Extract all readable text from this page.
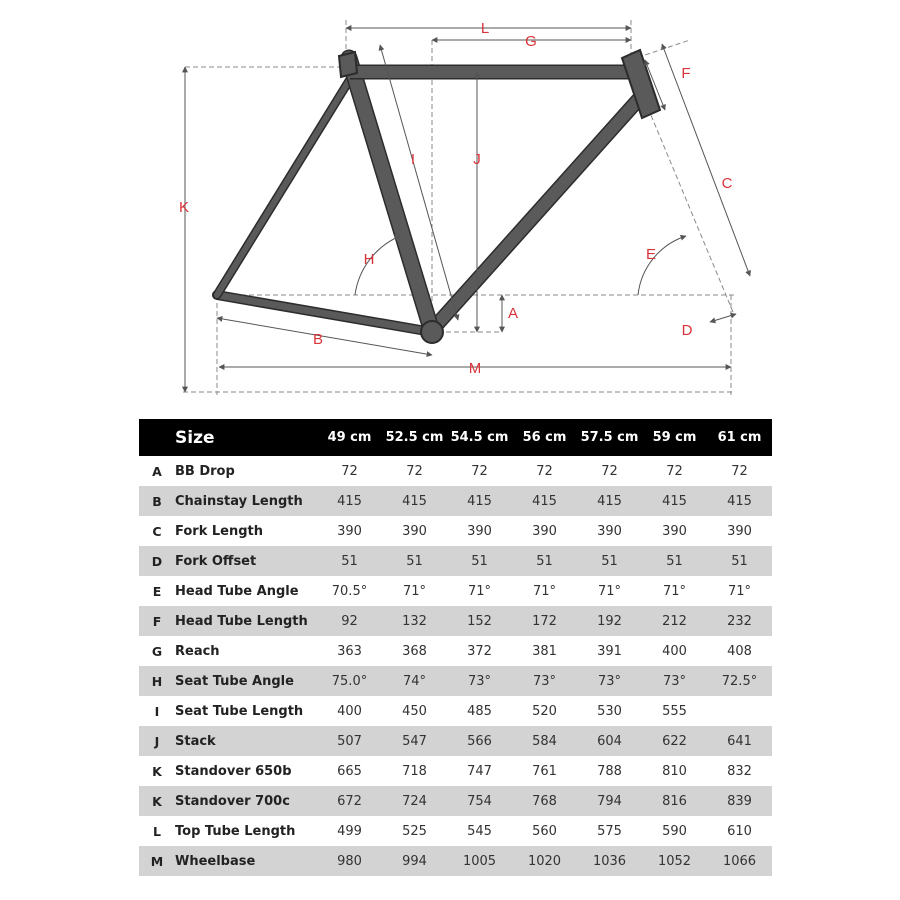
L
G
F
C
I	J
K
H	E
A
D
B
M
	Size	49 cm	52.5 cm	54.5 cm	56 cm	57.5 cm	59 cm	61 cm
A	BB Drop	72	72	72	72	72	72	72
B	Chainstay Length	415	415	415	415	415	415	415
C	Fork Length	390	390	390	390	390	390	390
D	Fork Offset	51	51	51	51	51	51	51
E	Head Tube Angle	70.5°	71°	71°	71°	71°	71°	71°
F	Head Tube Length	92	132	152	172	192	212	232
G	Reach	363	368	372	381	391	400	408
H	Seat Tube Angle	75.0°	74°	73°	73°	73°	73°	72.5°
I	Seat Tube Length	400	450	485	520	530	555	
J	Stack	507	547	566	584	604	622	641
K	Standover 650b	665	718	747	761	788	810	832
K	Standover 700c	672	724	754	768	794	816	839
L	Top Tube Length	499	525	545	560	575	590	610
M	Wheelbase	980	994	1005	1020	1036	1052	1066
